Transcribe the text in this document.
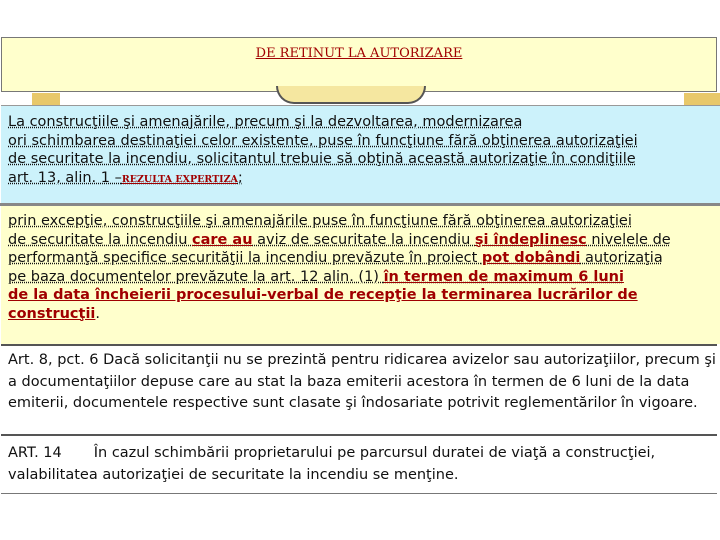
DE RETINUT LA AUTORIZARE
La construcţiile şi amenajările, precum şi la dezvoltarea, modernizarea
ori schimbarea destinaţiei celor existente, puse în funcţiune fără obţinerea autorizaţiei
de securitate la incendiu, solicitantul trebuie să obţină această autorizaţie în condiţiile
art. 13, alin. 1 –REZULTA EXPERTIZA;
prin excepţie, construcţiile şi amenajările puse în funcţiune fără obţinerea autorizaţiei
de securitate la incendiu care au aviz de securitate la incendiu şi îndeplinesc nivelele de
performanţă specifice securităţii la incendiu prevăzute în proiect pot dobândi autorizaţia
pe baza documentelor prevăzute la art. 12 alin. (1) în termen de maximum 6 luni
de la data încheierii procesului-verbal de recepţie la terminarea lucrărilor de
construcţii.
Art. 8, pct. 6 Dacă solicitanţii nu se prezintă pentru ridicarea avizelor sau autorizaţiilor, precum şi a documentaţiilor depuse care au stat la baza emiterii acestora în termen de 6 luni de la data emiterii, documentele respective sunt clasate şi îndosariate potrivit reglementărilor în vigoare.
ART. 14 În cazul schimbării proprietarului pe parcursul duratei de viaţă a construcţiei, valabilitatea autorizaţiei de securitate la incendiu se menţine.
